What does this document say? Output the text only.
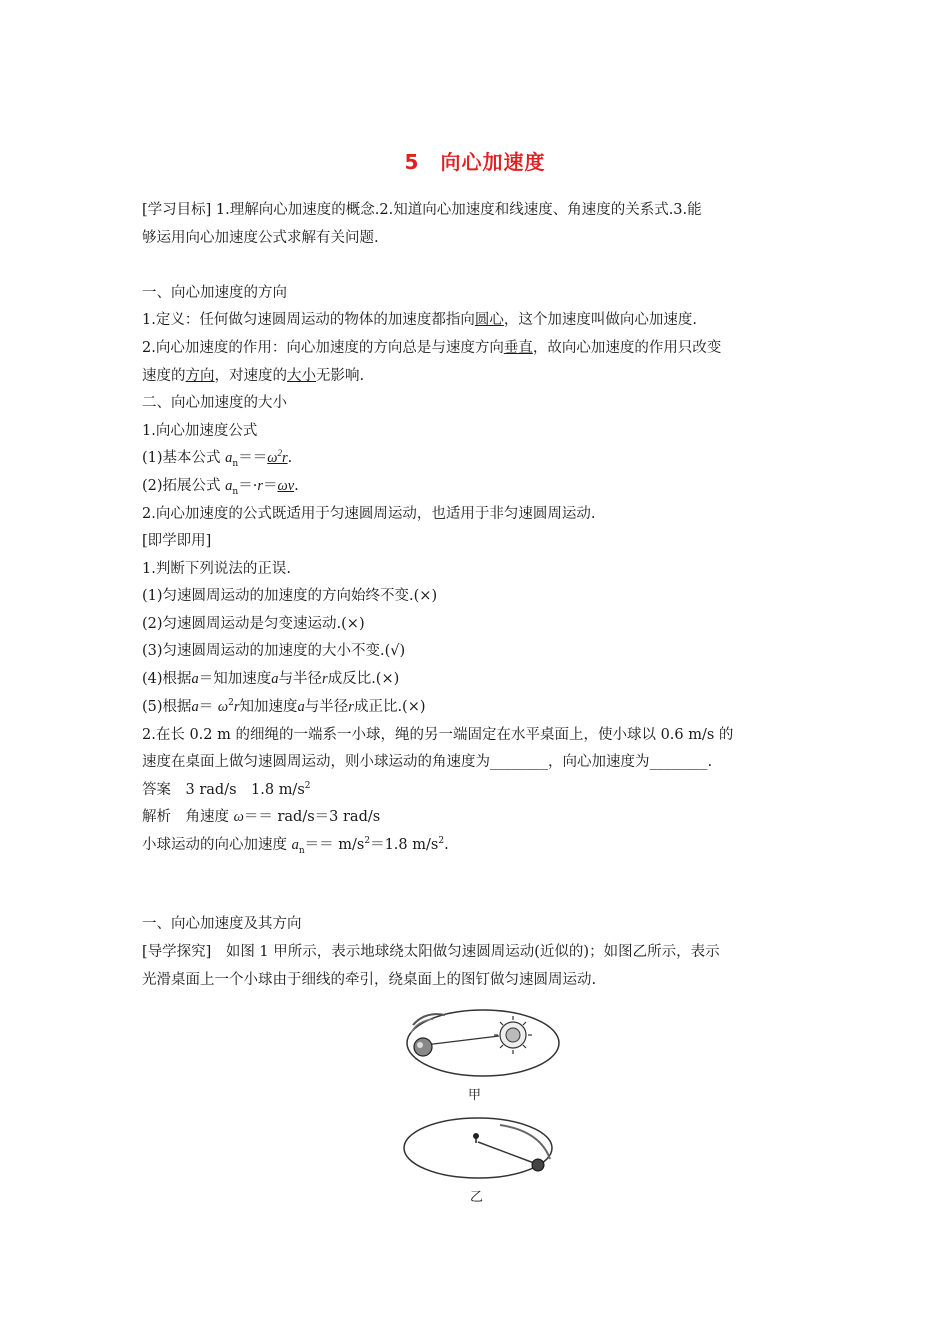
5　向心加速度
[学习目标] 1.理解向心加速度的概念.2.知道向心加速度和线速度、角速度的关系式.3.能
够运用向心加速度公式求解有关问题.
一、向心加速度的方向
1.定义：任何做匀速圆周运动的物体的加速度都指向圆心，这个加速度叫做向心加速度.
2.向心加速度的作用：向心加速度的方向总是与速度方向垂直，故向心加速度的作用只改变
速度的方向，对速度的大小无影响.
二、向心加速度的大小
1.向心加速度公式
(1)基本公式 $a_n==\omega^2r$.
(2)拓展公式 $a_n=\cdot r=\omega v$.
2.向心加速度的公式既适用于匀速圆周运动，也适用于非匀速圆周运动.
[即学即用]
1.判断下列说法的正误.
(1)匀速圆周运动的加速度的方向始终不变.(×)
(2)匀速圆周运动是匀变速运动.(×)
(3)匀速圆周运动的加速度的大小不变.(√)
(4)根据a＝知加速度a与半径r成反比.(×)
(5)根据$a= \omega^2r$知加速度a与半径r成正比.(×)
2.在长 0.2 m 的细绳的一端系一小球，绳的另一端固定在水平桌面上，使小球以 0.6 m/s 的
速度在桌面上做匀速圆周运动，则小球运动的角速度为________，向心加速度为________.
答案　3 rad/s　1.8 $m/s^2$
解析　角速度 ω＝＝ rad/s＝3 rad/s
小球运动的向心加速度 $a_n== m/s^2=1.8$ $m/s^2$.
一、向心加速度及其方向
[导学探究]　如图 1 甲所示，表示地球绕太阳做匀速圆周运动(近似的)；如图乙所示，表示
光滑桌面上一个小球由于细线的牵引，绕桌面上的图钉做匀速圆周运动.
甲
乙
